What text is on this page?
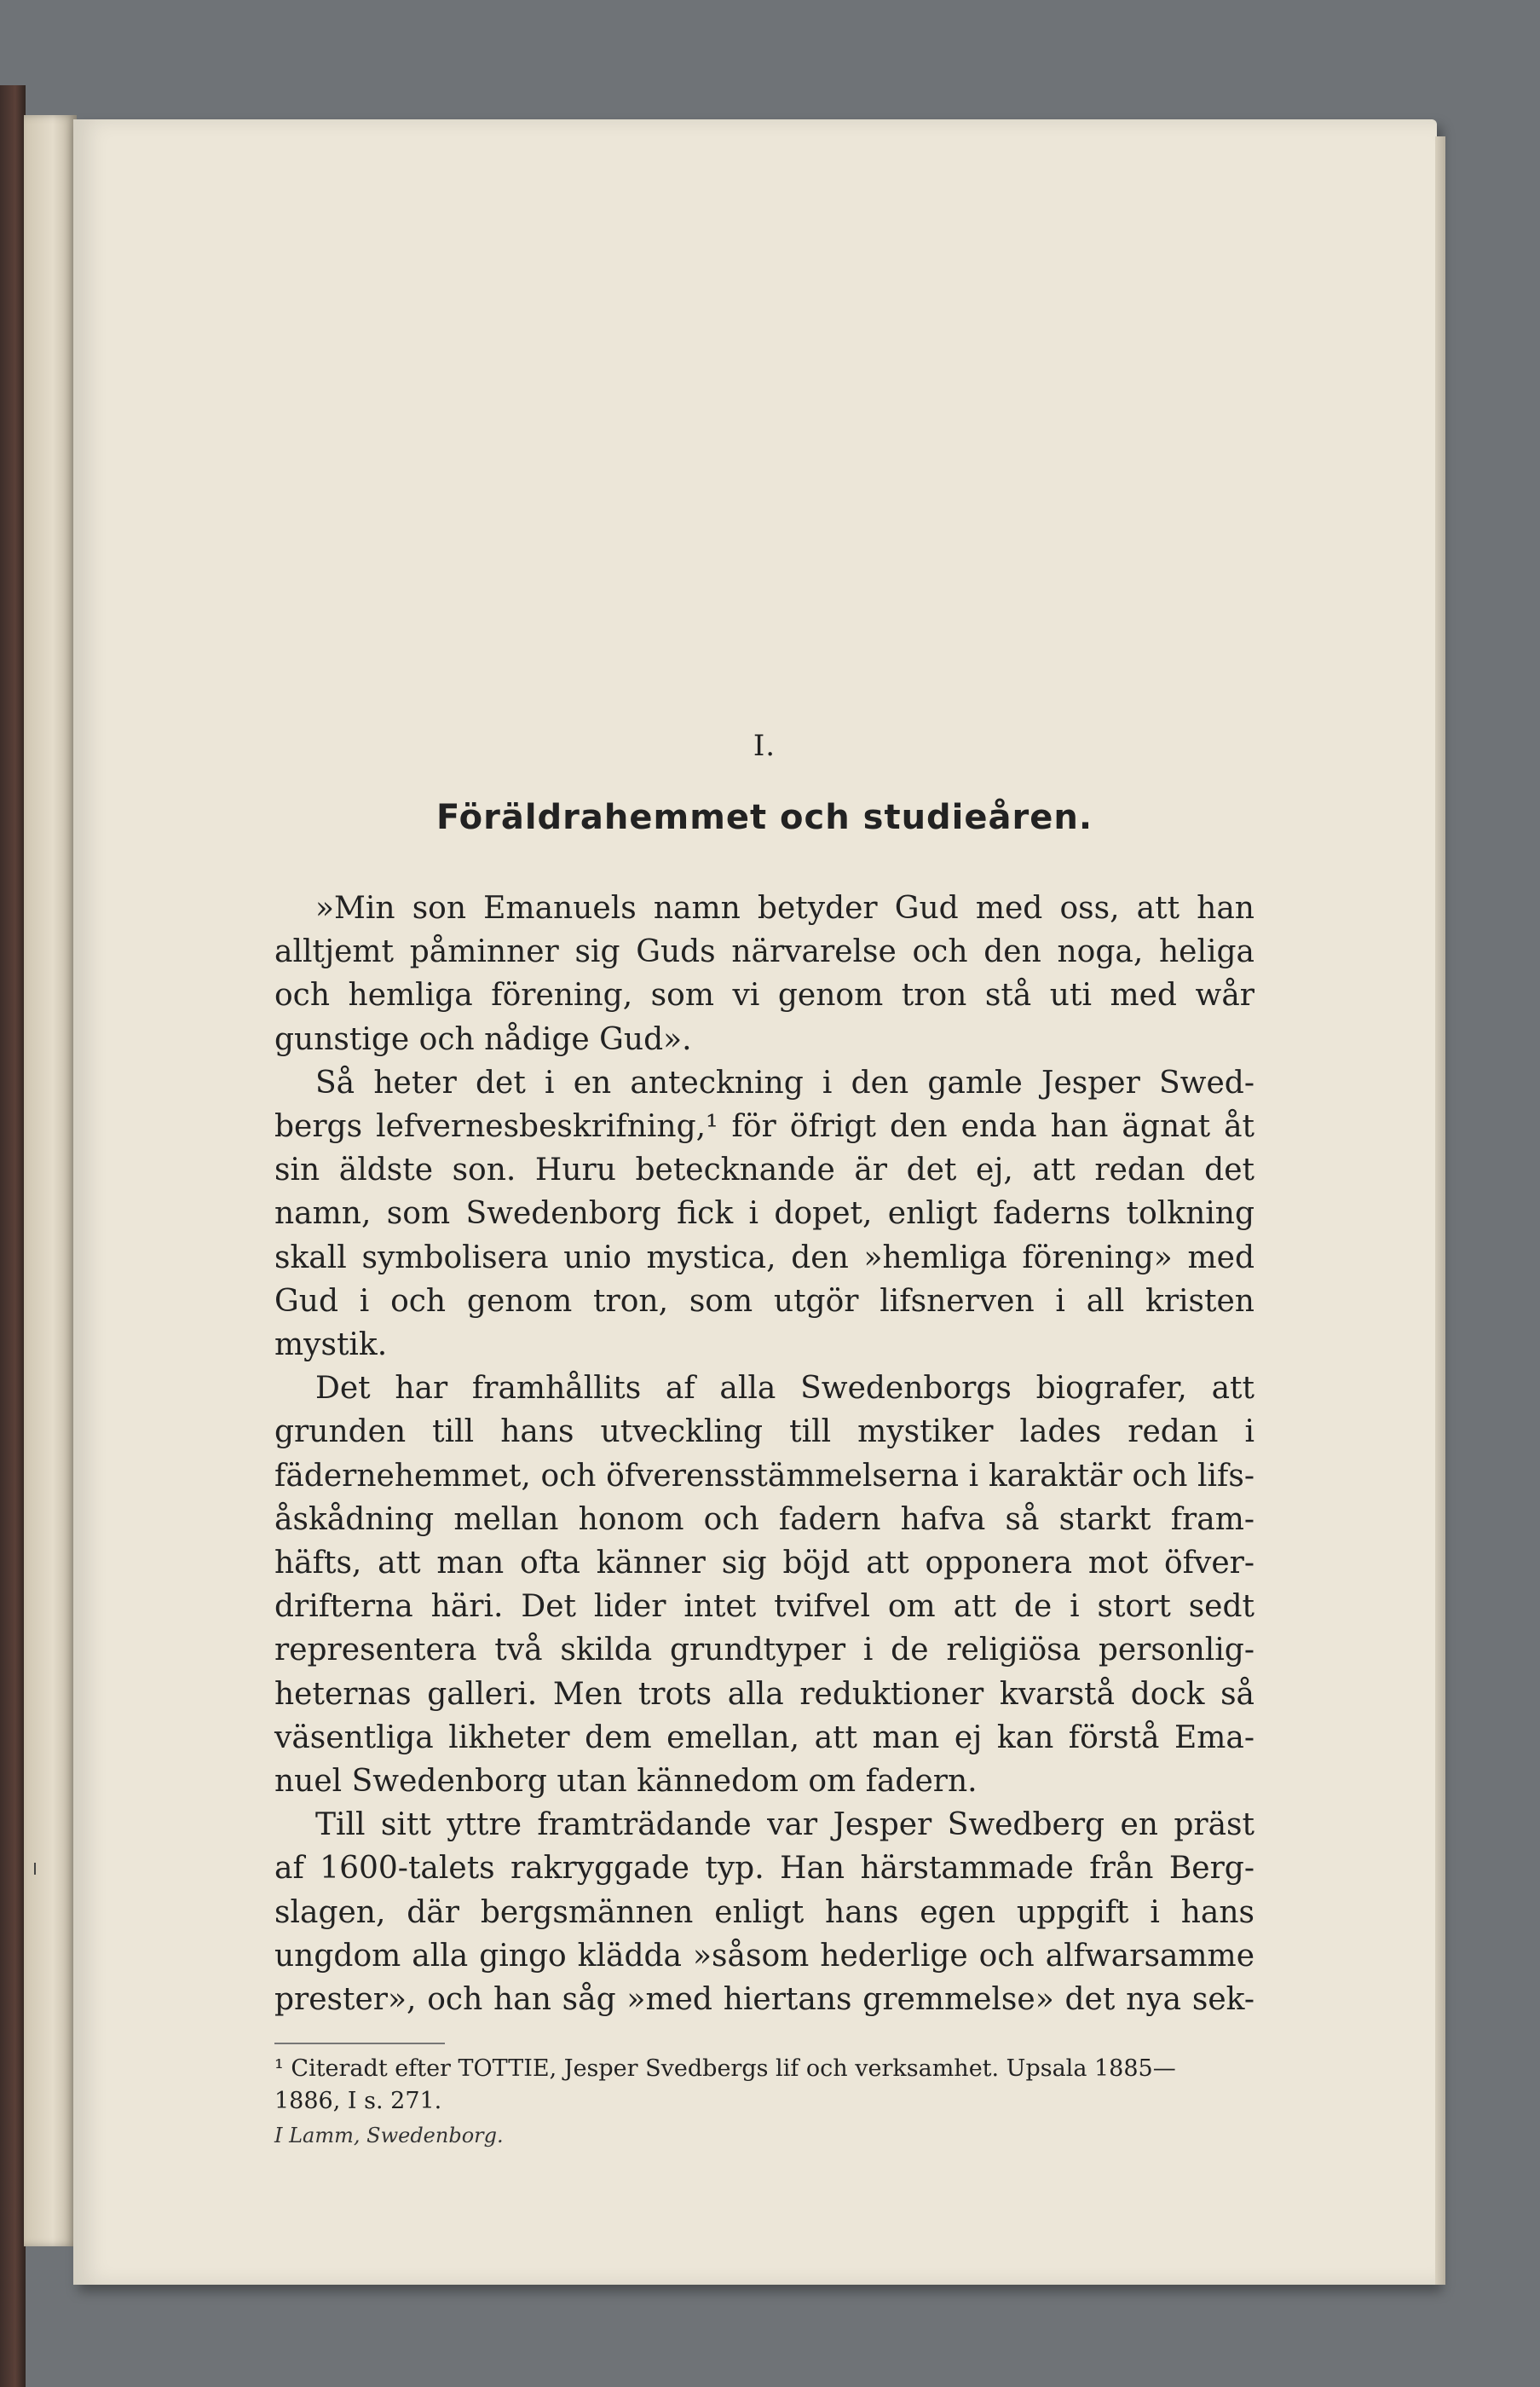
I.
Föräldrahemmet och studieåren.
»Min son Emanuels namn betyder Gud med oss, att han
alltjemt påminner sig Guds närvarelse och den noga, heliga
och hemliga förening, som vi genom tron stå uti med wår
gunstige och nådige Gud».
Så heter det i en anteckning i den gamle Jesper Swed-
bergs lefvernesbeskrifning,¹ för öfrigt den enda han ägnat åt
sin äldste son. Huru betecknande är det ej, att redan det
namn, som Swedenborg fick i dopet, enligt faderns tolkning
skall symbolisera unio mystica, den »hemliga förening» med
Gud i och genom tron, som utgör lifsnerven i all kristen
mystik.
Det har framhållits af alla Swedenborgs biografer, att
grunden till hans utveckling till mystiker lades redan i
fädernehemmet, och öfverensstämmelserna i karaktär och lifs-
åskådning mellan honom och fadern hafva så starkt fram-
häfts, att man ofta känner sig böjd att opponera mot öfver-
drifterna häri. Det lider intet tvifvel om att de i stort sedt
representera två skilda grundtyper i de religiösa personlig-
heternas galleri. Men trots alla reduktioner kvarstå dock så
väsentliga likheter dem emellan, att man ej kan förstå Ema-
nuel Swedenborg utan kännedom om fadern.
Till sitt yttre framträdande var Jesper Swedberg en präst
af 1600-talets rakryggade typ. Han härstammade från Berg-
slagen, där bergsmännen enligt hans egen uppgift i hans
ungdom alla gingo klädda »såsom hederlige och alfwarsamme
prester», och han såg »med hiertans gremmelse» det nya sek-
¹ Citeradt efter TOTTIE, Jesper Svedbergs lif och verksamhet. Upsala 1885—
1886, I s. 271.
I Lamm, Swedenborg.
